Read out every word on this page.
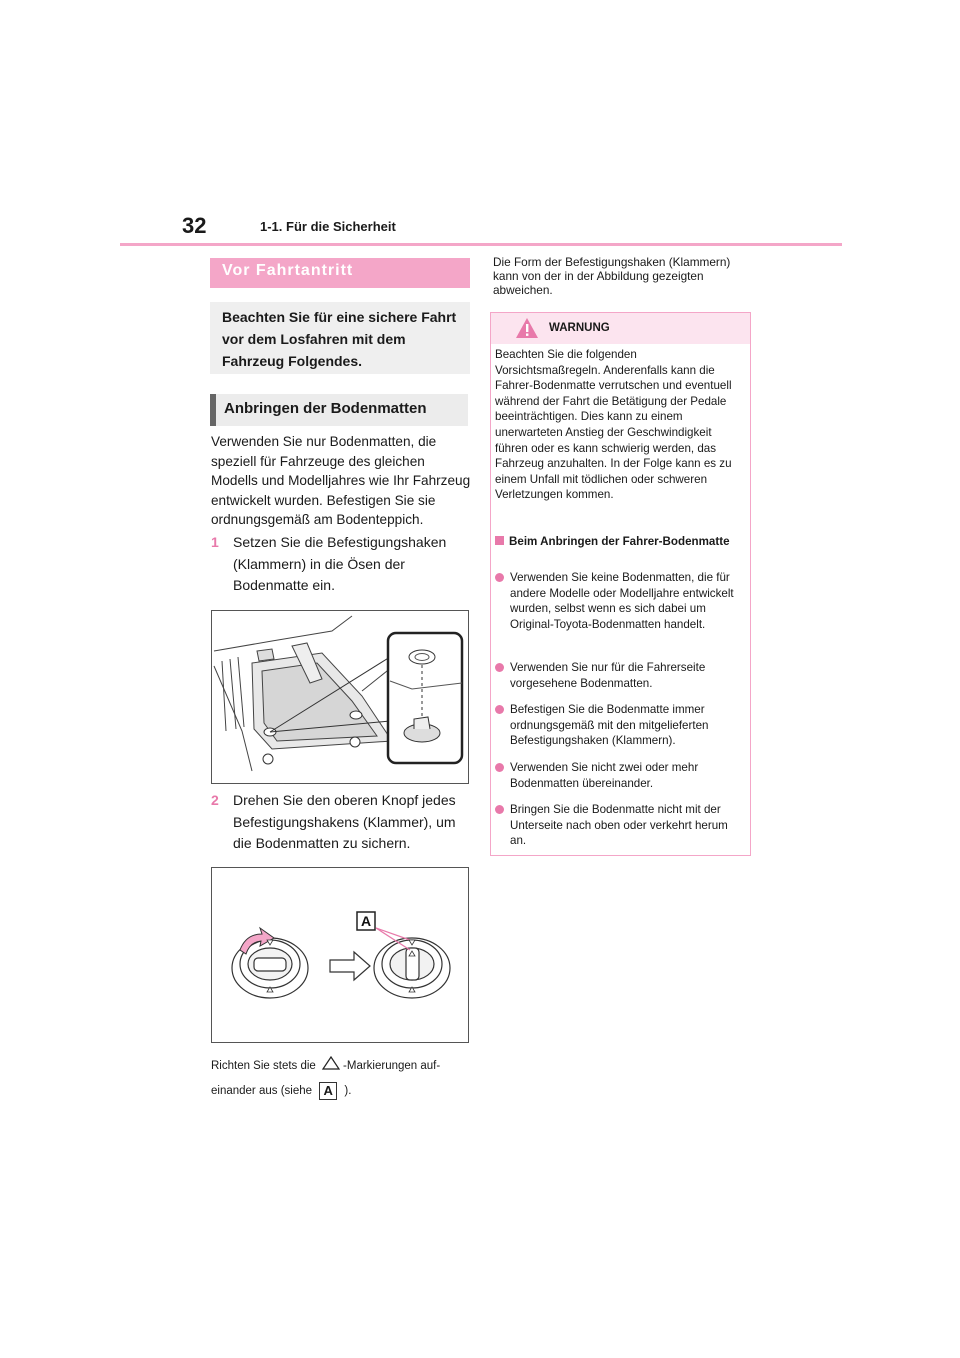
32	1-1. Für die Sicherheit
Vor Fahrtantritt

Beachten Sie für eine sichere Fahrt vor dem Losfahren mit dem Fahrzeug Folgendes.

Anbringen der Bodenmatten

Verwenden Sie nur Bodenmatten, die speziell für Fahrzeuge des gleichen Modells und Modelljahres wie Ihr Fahrzeug entwickelt wurden. Befestigen Sie sie ordnungsgemäß am Bodenteppich.

1 Setzen Sie die Befestigungshaken (Klammern) in die Ösen der Bodenmatte ein.
2 Drehen Sie den oberen Knopf jedes Befestigungshakens (Klammer), um die Bodenmatten zu sichern.
A
Richten Sie stets die -Markierungen auf-
einander aus (siehe A ).

Die Form der Befestigungshaken (Klammern) kann von der in der Abbildung gezeigten abweichen.

WARNUNG

Beachten Sie die folgenden Vorsichtsmaßregeln. Anderenfalls kann die Fahrer-Bodenmatte verrutschen und eventuell während der Fahrt die Betätigung der Pedale beeinträchtigen. Dies kann zu einem unerwarteten Anstieg der Geschwindigkeit führen oder es kann schwierig werden, das Fahrzeug anzuhalten. In der Folge kann es zu einem Unfall mit tödlichen oder schweren Verletzungen kommen.

Beim Anbringen der Fahrer-Bodenmatte
Verwenden Sie keine Bodenmatten, die für andere Modelle oder Modelljahre entwickelt wurden, selbst wenn es sich dabei um Original-Toyota-Bodenmatten handelt.
Verwenden Sie nur für die Fahrerseite vorgesehene Bodenmatten.
Befestigen Sie die Bodenmatte immer ordnungsgemäß mit den mitgelieferten Befestigungshaken (Klammern).
Verwenden Sie nicht zwei oder mehr Bodenmatten übereinander.
Bringen Sie die Bodenmatte nicht mit der Unterseite nach oben oder verkehrt herum an.
